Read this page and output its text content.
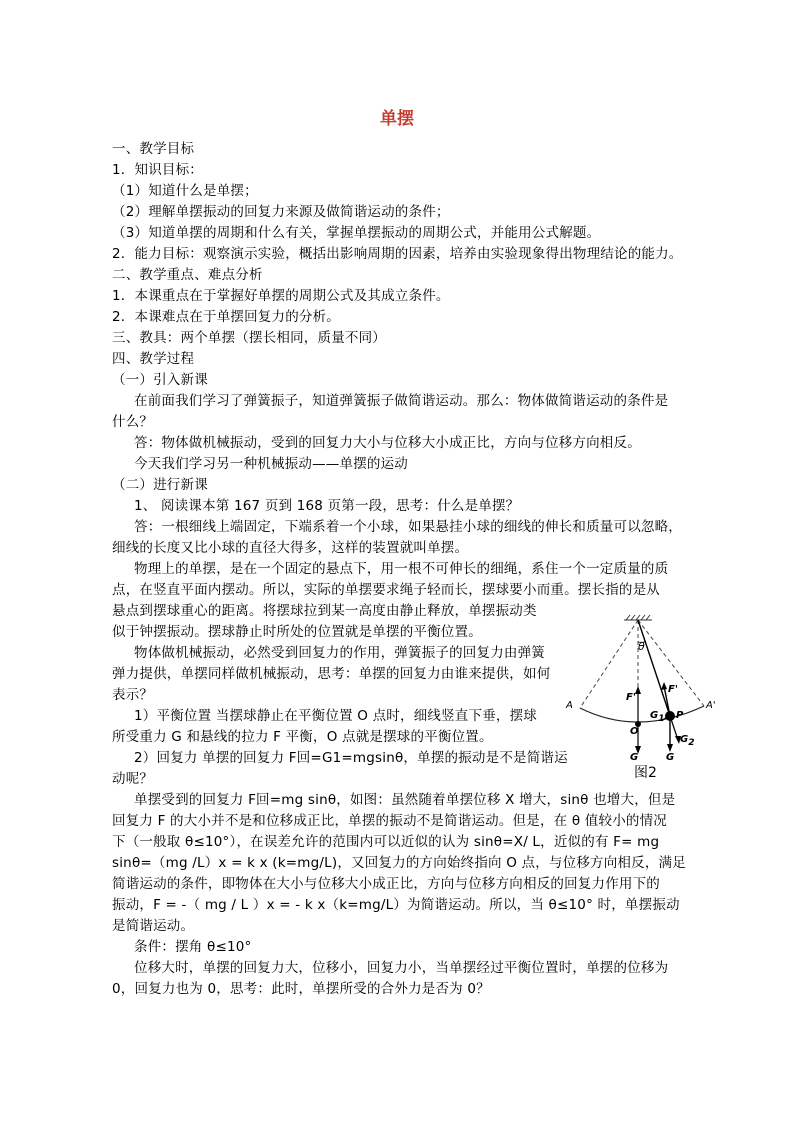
单摆
一、教学目标
1．知识目标：
（1）知道什么是单摆；
（2）理解单摆振动的回复力来源及做简谐运动的条件；
（3）知道单摆的周期和什么有关，掌握单摆振动的周期公式，并能用公式解题。
2．能力目标：观察演示实验，概括出影响周期的因素，培养由实验现象得出物理结论的能力。
二、教学重点、难点分析
1．本课重点在于掌握好单摆的周期公式及其成立条件。
2．本课难点在于单摆回复力的分析。
三、教具：两个单摆（摆长相同，质量不同）
四、教学过程
（一）引入新课
在前面我们学习了弹簧振子，知道弹簧振子做简谐运动。那么：物体做简谐运动的条件是
什么？
答：物体做机械振动，受到的回复力大小与位移大小成正比，方向与位移方向相反。
今天我们学习另一种机械振动——单摆的运动
（二）进行新课
1、 阅读课本第 167 页到 168 页第一段，思考：什么是单摆？
答：一根细线上端固定，下端系着一个小球，如果悬挂小球的细线的伸长和质量可以忽略，
细线的长度又比小球的直径大得多，这样的装置就叫单摆。
物理上的单摆，是在一个固定的悬点下，用一根不可伸长的细绳，系住一个一定质量的质
点，在竖直平面内摆动。所以，实际的单摆要求绳子轻而长，摆球要小而重。摆长指的是从
悬点到摆球重心的距离。将摆球拉到某一高度由静止释放，单摆振动类
似于钟摆振动。摆球静止时所处的位置就是单摆的平衡位置。
物体做机械振动，必然受到回复力的作用，弹簧振子的回复力由弹簧
弹力提供，单摆同样做机械振动，思考：单摆的回复力由谁来提供，如何
表示？
1）平衡位置 当摆球静止在平衡位置 O 点时，细线竖直下垂，摆球
所受重力 G 和悬线的拉力 F 平衡，O 点就是摆球的平衡位置。
2）回复力 单摆的回复力 F回=G1=mgsinθ，单摆的振动是不是简谐运
动呢？
单摆受到的回复力 F回=mg sinθ，如图：虽然随着单摆位移 X 增大，sinθ 也增大，但是
回复力 F 的大小并不是和位移成正比，单摆的振动不是简谐运动。但是，在 θ 值较小的情况
下（一般取 θ≤10°），在误差允许的范围内可以近似的认为 sinθ=X/ L，近似的有 F= mg
sinθ=（mg /L）x = k x (k=mg/L)，又回复力的方向始终指向 O 点，与位移方向相反，满足
简谐运动的条件，即物体在大小与位移大小成正比，方向与位移方向相反的回复力作用下的
振动，F = -（ mg / L ）x = - k x（k=mg/L）为简谐运动。所以，当 θ≤10° 时，单摆振动
是简谐运动。
条件：摆角 θ≤10°
位移大时，单摆的回复力大，位移小，回复力小，当单摆经过平衡位置时，单摆的位移为
0，回复力也为 0，思考：此时，单摆所受的合外力是否为 0？
θ
A	A'
F'
F'
O
G
$G_1$ P
$G_2$
G
图2
